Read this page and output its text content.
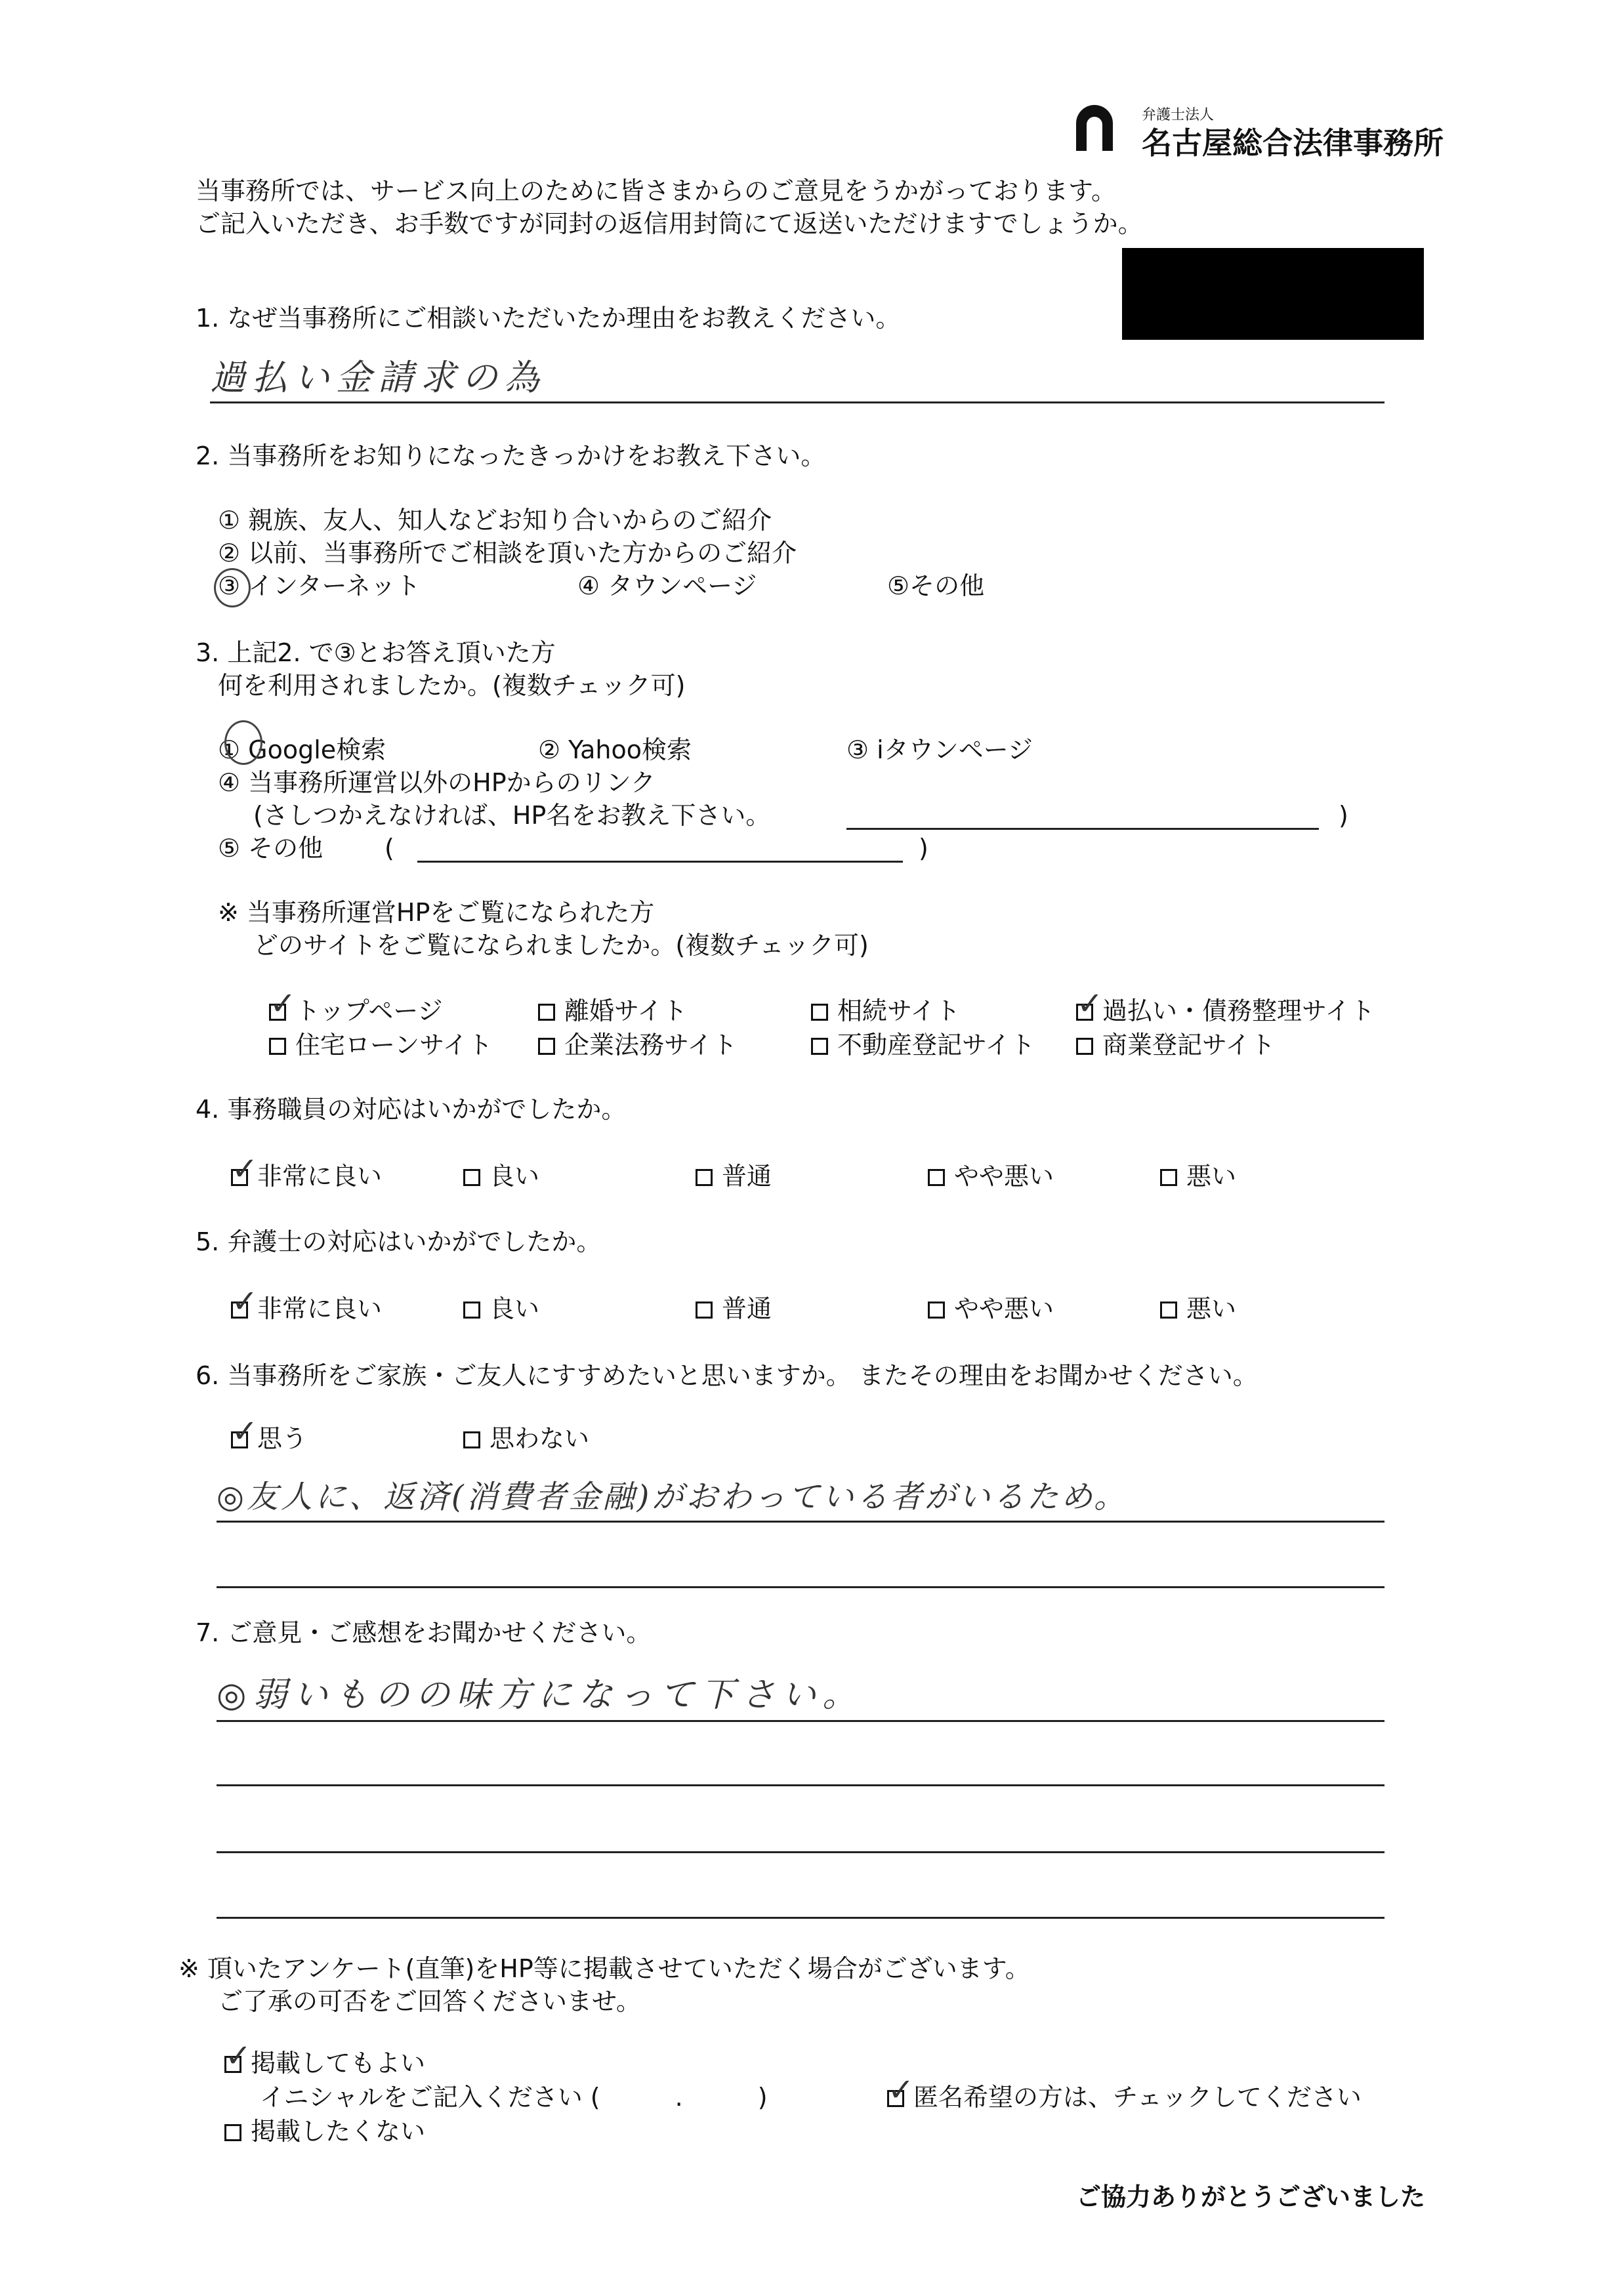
弁護士法人
名古屋総合法律事務所
当事務所では、サービス向上のために皆さまからのご意見をうかがっております。
ご記入いただき、お手数ですが同封の返信用封筒にて返送いただけますでしょうか。
1. なぜ当事務所にご相談いただいたか理由をお教えください。
過払い金請求の為
2. 当事務所をお知りになったきっかけをお教え下さい。
① 親族、友人、知人などお知り合いからのご紹介
② 以前、当事務所でご相談を頂いた方からのご紹介
③ インターネット	④ タウンページ	⑤その他
3. 上記2. で③とお答え頂いた方
何を利用されましたか。(複数チェック可)
① Google検索	② Yahoo検索	③ iタウンページ
④ 当事務所運営以外のHPからのリンク
(さしつかえなければ、HP名をお教え下さい。	)
⑤ その他 (	)
※ 当事務所運営HPをご覧になられた方
どのサイトをご覧になられましたか。(複数チェック可)
✓
トップページ	離婚サイト	相続サイト	✓
過払い・債務整理サイト
住宅ローンサイト	企業法務サイト	不動産登記サイト	商業登記サイト
4. 事務職員の対応はいかがでしたか。
✓
非常に良い	良い	普通	やや悪い	悪い
5. 弁護士の対応はいかがでしたか。
✓
非常に良い	良い	普通	やや悪い	悪い
6. 当事務所をご家族・ご友人にすすめたいと思いますか。 またその理由をお聞かせください。
✓
思う	思わない
◎友人に、返済(消費者金融)がおわっている者がいるため。
7. ご意見・ご感想をお聞かせください。
◎弱いものの味方になって下さい。
※ 頂いたアンケート(直筆)をHP等に掲載させていただく場合がございます。
ご了承の可否をご回答くださいませ。
✓
掲載してもよい
イニシャルをご記入ください (　　　.　　　)	✓
匿名希望の方は、チェックしてください
掲載したくない
ご協力ありがとうございました
